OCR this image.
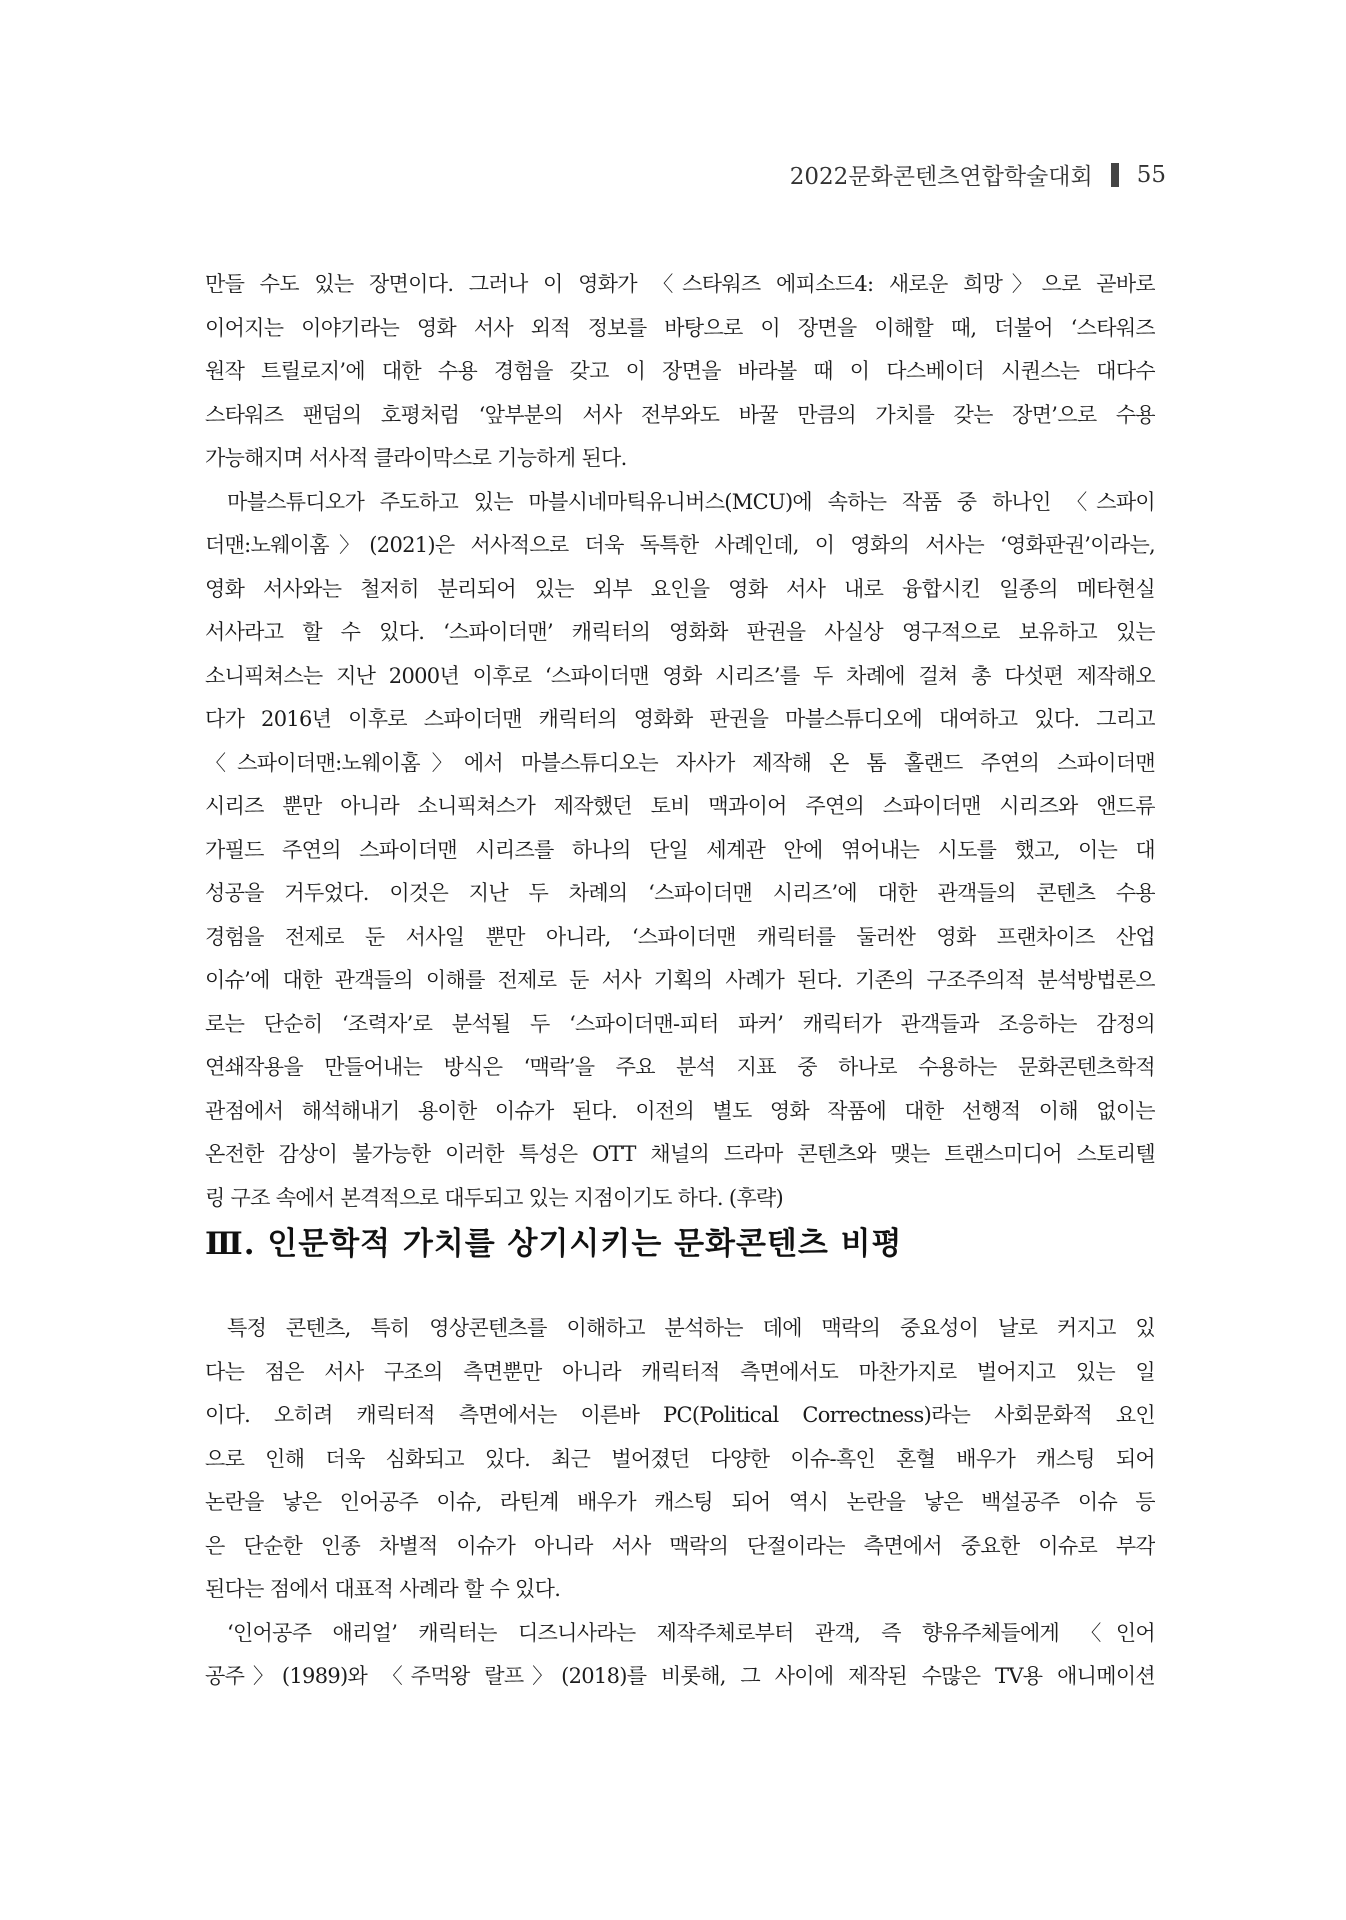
2022문화콘텐츠연합학술대회 55
만들 수도 있는 장면이다. 그러나 이 영화가 〈스타워즈 에피소드4: 새로운 희망〉으로 곧바로
이어지는 이야기라는 영화 서사 외적 정보를 바탕으로 이 장면을 이해할 때, 더불어 ‘스타워즈
원작 트릴로지’에 대한 수용 경험을 갖고 이 장면을 바라볼 때 이 다스베이더 시퀀스는 대다수
스타워즈 팬덤의 호평처럼 ‘앞부분의 서사 전부와도 바꿀 만큼의 가치를 갖는 장면’으로 수용
가능해지며 서사적 클라이막스로 기능하게 된다.
마블스튜디오가 주도하고 있는 마블시네마틱유니버스(MCU)에 속하는 작품 중 하나인 〈스파이
더맨:노웨이홈〉(2021)은 서사적으로 더욱 독특한 사례인데, 이 영화의 서사는 ‘영화판권’이라는,
영화 서사와는 철저히 분리되어 있는 외부 요인을 영화 서사 내로 융합시킨 일종의 메타현실
서사라고 할 수 있다. ‘스파이더맨’ 캐릭터의 영화화 판권을 사실상 영구적으로 보유하고 있는
소니픽쳐스는 지난 2000년 이후로 ‘스파이더맨 영화 시리즈’를 두 차례에 걸쳐 총 다섯편 제작해오
다가 2016년 이후로 스파이더맨 캐릭터의 영화화 판권을 마블스튜디오에 대여하고 있다. 그리고
〈스파이더맨:노웨이홈〉에서 마블스튜디오는 자사가 제작해 온 톰 홀랜드 주연의 스파이더맨
시리즈 뿐만 아니라 소니픽쳐스가 제작했던 토비 맥과이어 주연의 스파이더맨 시리즈와 앤드류
가필드 주연의 스파이더맨 시리즈를 하나의 단일 세계관 안에 엮어내는 시도를 했고, 이는 대
성공을 거두었다. 이것은 지난 두 차례의 ‘스파이더맨 시리즈’에 대한 관객들의 콘텐츠 수용
경험을 전제로 둔 서사일 뿐만 아니라, ‘스파이더맨 캐릭터를 둘러싼 영화 프랜차이즈 산업
이슈’에 대한 관객들의 이해를 전제로 둔 서사 기획의 사례가 된다. 기존의 구조주의적 분석방법론으
로는 단순히 ‘조력자’로 분석될 두 ‘스파이더맨-피터 파커’ 캐릭터가 관객들과 조응하는 감정의
연쇄작용을 만들어내는 방식은 ‘맥락’을 주요 분석 지표 중 하나로 수용하는 문화콘텐츠학적
관점에서 해석해내기 용이한 이슈가 된다. 이전의 별도 영화 작품에 대한 선행적 이해 없이는
온전한 감상이 불가능한 이러한 특성은 OTT 채널의 드라마 콘텐츠와 맺는 트랜스미디어 스토리텔
링 구조 속에서 본격적으로 대두되고 있는 지점이기도 하다. (후략)
Ⅲ. 인문학적 가치를 상기시키는 문화콘텐츠 비평
특정 콘텐츠, 특히 영상콘텐츠를 이해하고 분석하는 데에 맥락의 중요성이 날로 커지고 있
다는 점은 서사 구조의 측면뿐만 아니라 캐릭터적 측면에서도 마찬가지로 벌어지고 있는 일
이다. 오히려 캐릭터적 측면에서는 이른바 PC(Political Correctness)라는 사회문화적 요인
으로 인해 더욱 심화되고 있다. 최근 벌어졌던 다양한 이슈-흑인 혼혈 배우가 캐스팅 되어
논란을 낳은 인어공주 이슈, 라틴계 배우가 캐스팅 되어 역시 논란을 낳은 백설공주 이슈 등
은 단순한 인종 차별적 이슈가 아니라 서사 맥락의 단절이라는 측면에서 중요한 이슈로 부각
된다는 점에서 대표적 사례라 할 수 있다.
‘인어공주 애리얼’ 캐릭터는 디즈니사라는 제작주체로부터 관객, 즉 향유주체들에게 〈인어
공주〉(1989)와 〈주먹왕 랄프〉(2018)를 비롯해, 그 사이에 제작된 수많은 TV용 애니메이션
